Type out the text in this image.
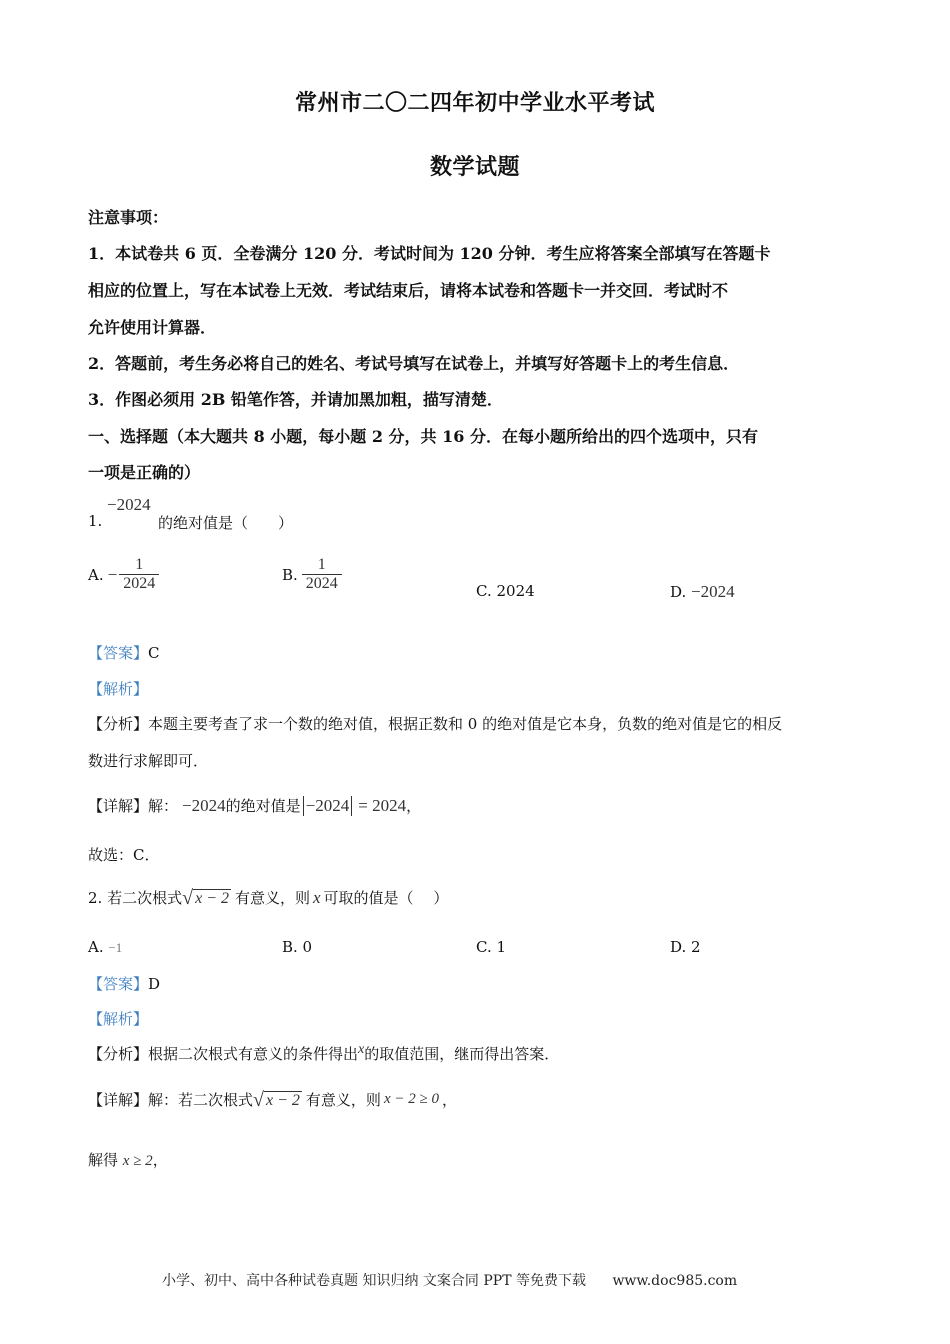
常州市二〇二四年初中学业水平考试
数学试题
注意事项：
1．本试卷共 6 页．全卷满分 120 分．考试时间为 120 分钟．考生应将答案全部填写在答题卡
相应的位置上，写在本试卷上无效．考试结束后，请将本试卷和答题卡一并交回．考试时不
允许使用计算器．
2．答题前，考生务必将自己的姓名、考试号填写在试卷上，并填写好答题卡上的考生信息．
3．作图必须用 2B 铅笔作答，并请加黑加粗，描写清楚．
一、选择题（本大题共 8 小题，每小题 2 分，共 16 分．在每小题所给出的四个选项中，只有
一项是正确的）
1.
−2024
的绝对值是（　　）
A. − $\frac{1}{2024}$	B. $\frac{1}{2024}$	C. 2024	D. −2024
【答案】C
【解析】
【分析】本题主要考查了求一个数的绝对值，根据正数和 0 的绝对值是它本身，负数的绝对值是它的相反
数进行求解即可．
【详解】 解： −2024 的绝对值是 −2024 = 2024 ，
故选：C．
2. 若二次根式 √ x − 2 有意义，则 x 可取的值是（　 ）
A. −1	B. 0	C. 1	D. 2
【答案】D
【解析】
【分析】根据二次根式有意义的条件得出x的取值范围，继而得出答案．
【详解】 解：若二次根式 √ x − 2 有意义，则 x − 2 ≥ 0 ，
解得 x ≥ 2，
小学、初中、高中各种试卷真题 知识归纳 文案合同 PPT 等免费下载 www.doc985.com
